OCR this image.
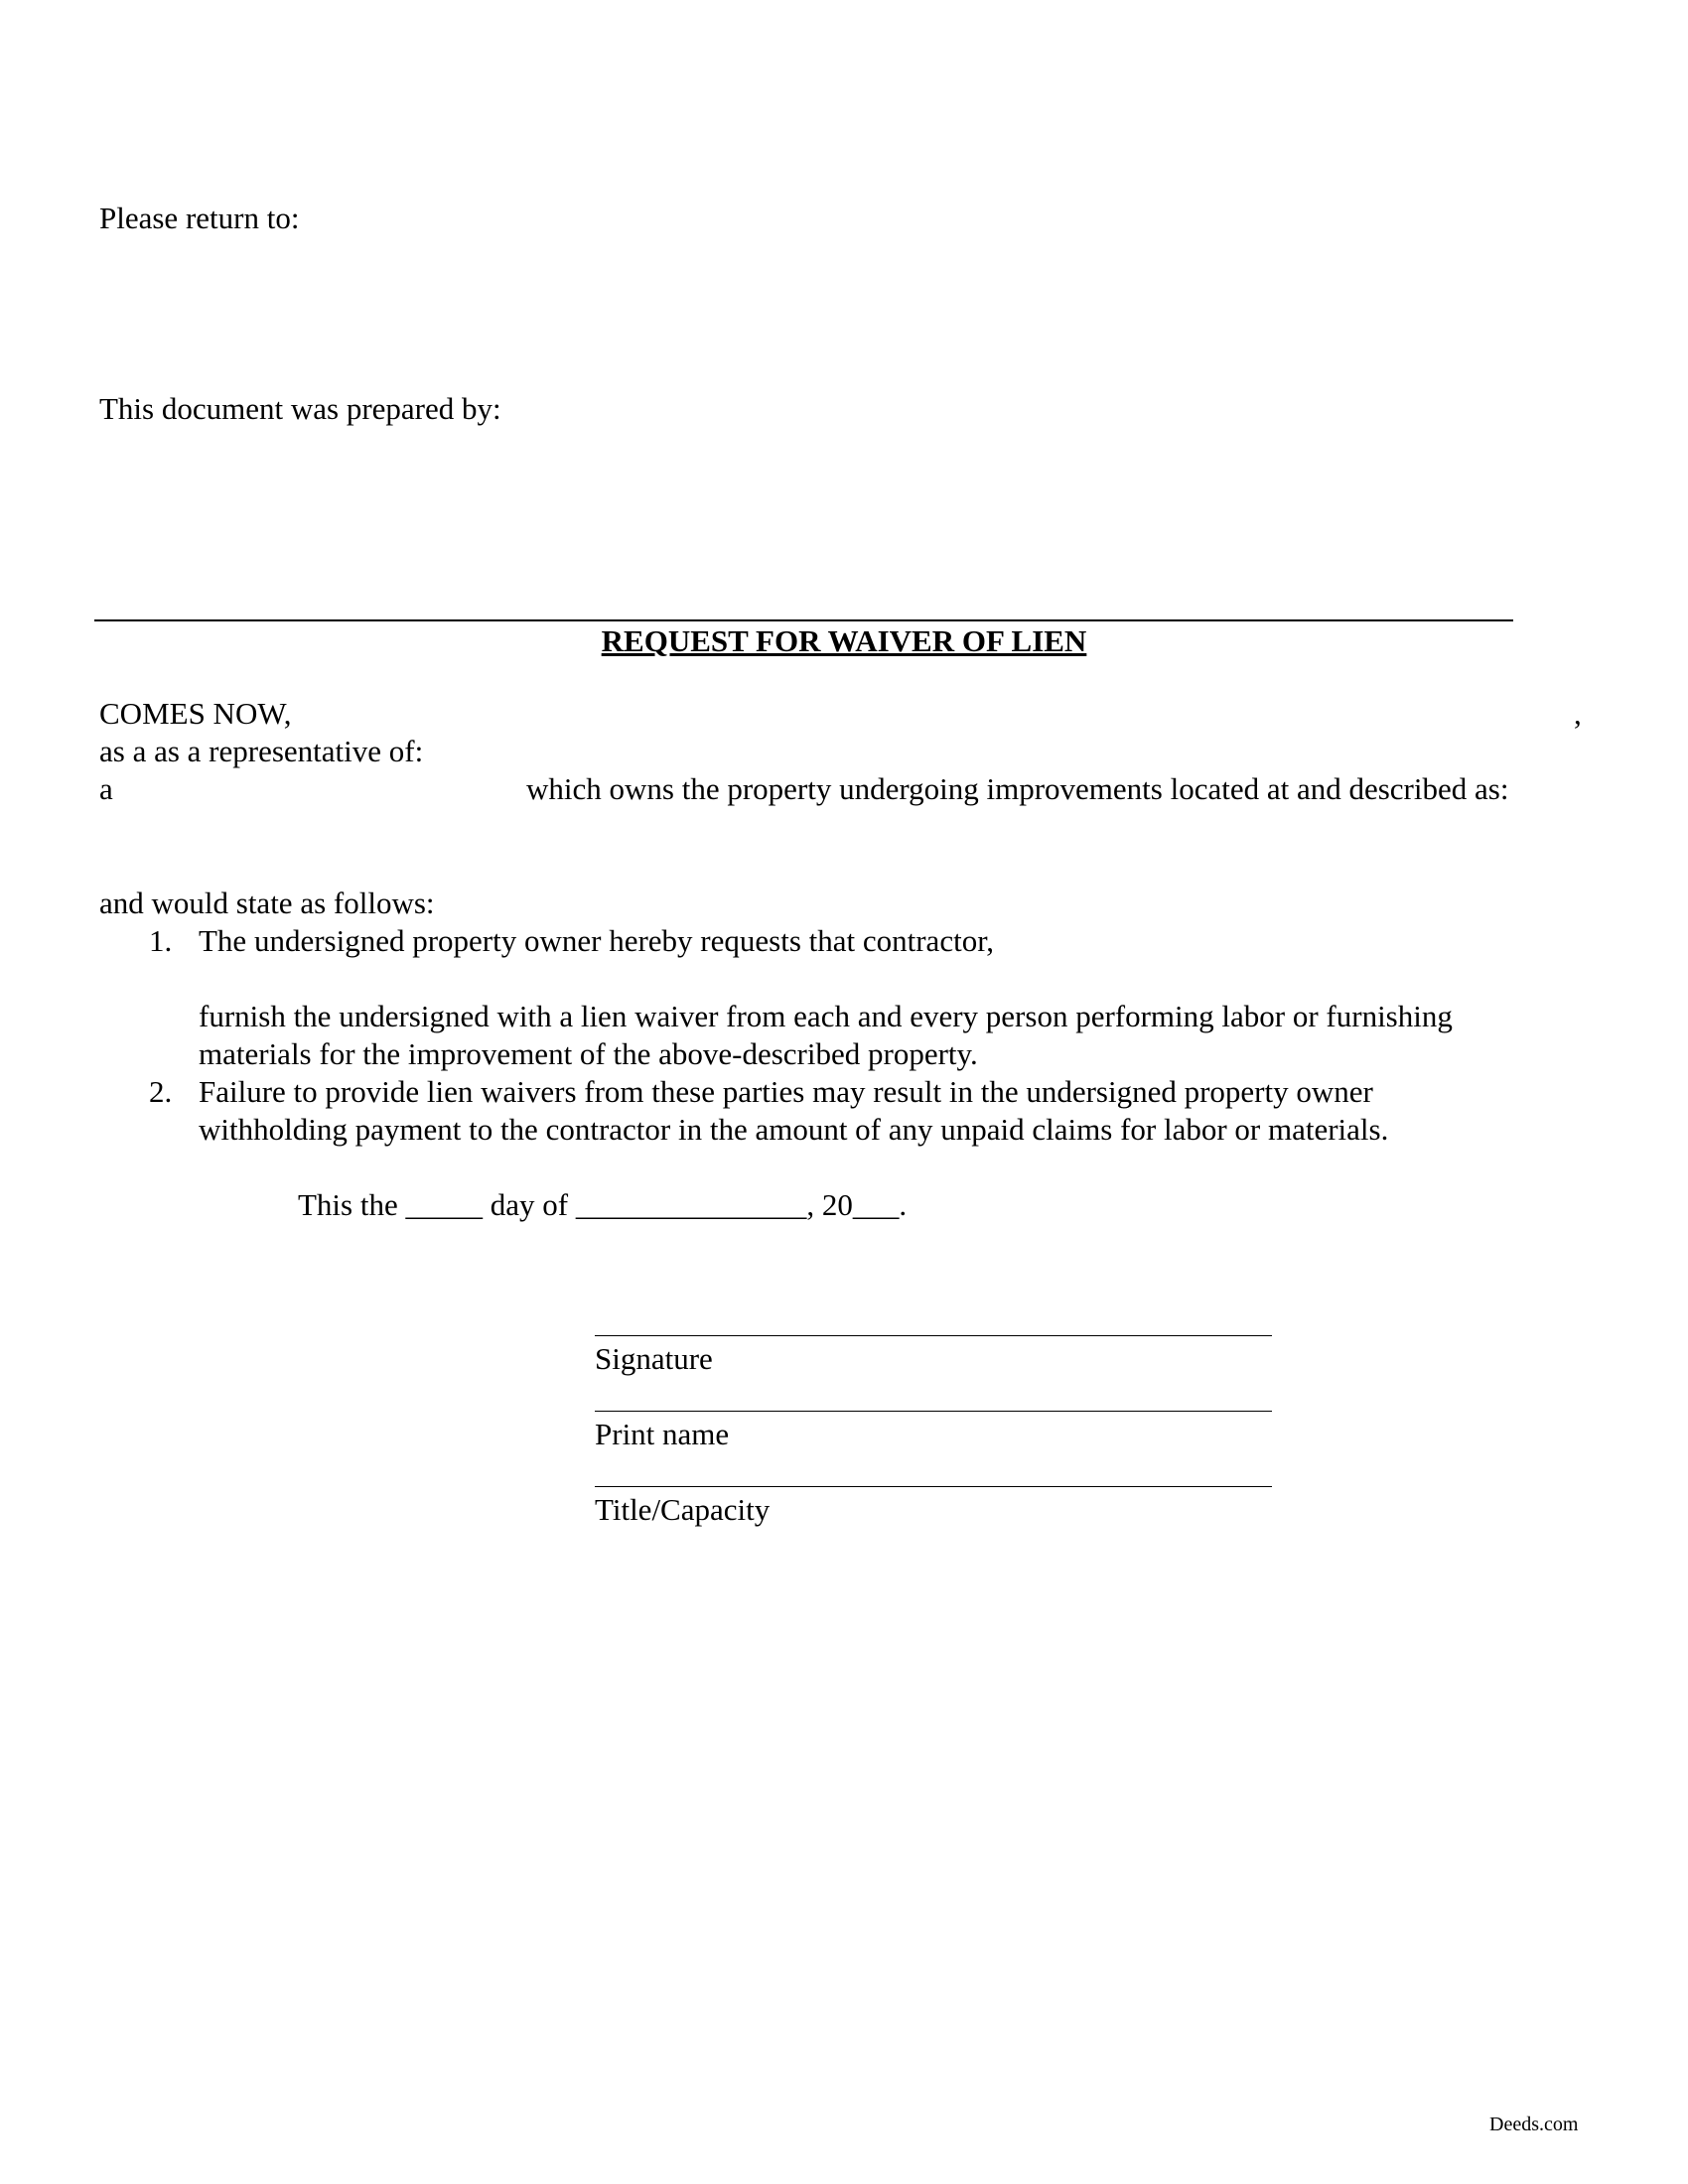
Please return to:

This document was prepared by:

REQUEST FOR WAIVER OF LIEN

COMES NOW,	,

as a as a representative of:

a	which owns the property undergoing improvements located at and described as:

and would state as follows:

1. The undersigned property owner hereby requests that contractor,

furnish the undersigned with a lien waiver from each and every person performing labor or furnishing

materials for the improvement of the above-described property.

2. Failure to provide lien waivers from these parties may result in the undersigned property owner

withholding payment to the contractor in the amount of any unpaid claims for labor or materials.

This the _____ day of _______________, 20___.

Signature

Print name

Title/Capacity

Deeds.com
